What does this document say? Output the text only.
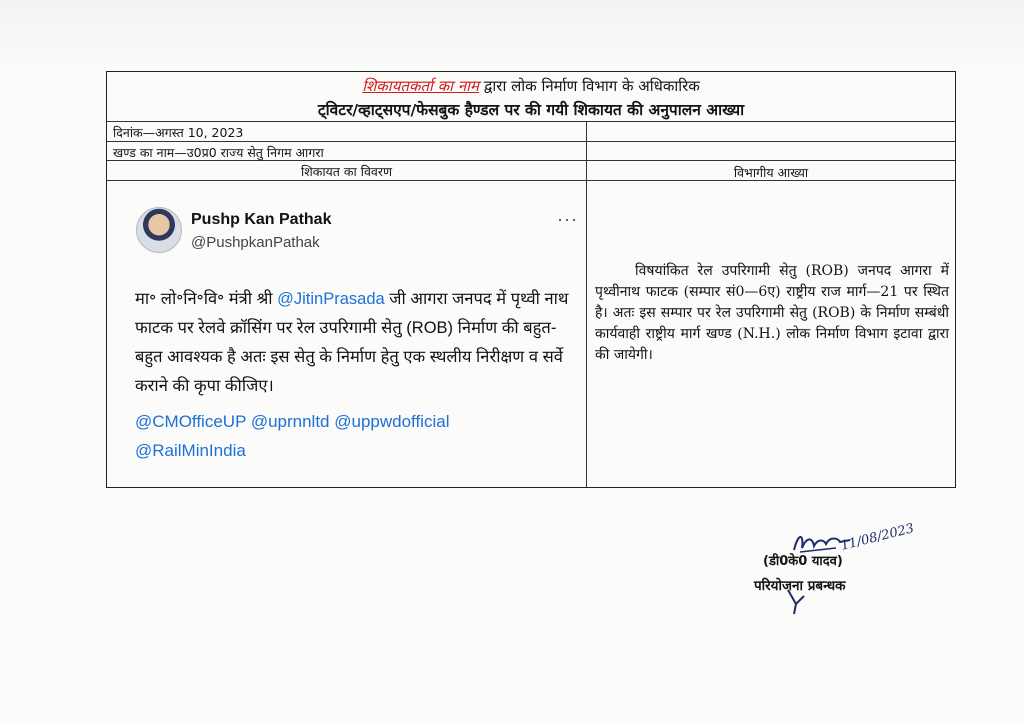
शिकायतकर्ता का नाम द्वारा लोक निर्माण विभाग के अधिकारिक
ट्विटर/व्हाट्सएप/फेसबुक हैण्डल पर की गयी शिकायत की अनुपालन आख्या
दिनांक—अगस्त 10, 2023
खण्ड का नाम—उ0प्र0 राज्य सेतु निगम आगरा
शिकायत का विवरण	विभागीय आख्या
Pushp Kan Pathak
@PushpkanPathak
···
मा॰ लो॰नि॰वि॰ मंत्री श्री @JitinPrasada जी आगरा जनपद में पृथ्वी नाथ फाटक पर रेलवे क्रॉसिंग पर रेल उपरिगामी सेतु (ROB) निर्माण की बहुत-बहुत आवश्यक है अतः इस सेतु के निर्माण हेतु एक स्थलीय निरीक्षण व सर्वे कराने की कृपा कीजिए।
@CMOfficeUP @uprnnltd @uppwdofficial
@RailMinIndia
विषयांकित रेल उपरिगामी सेतु (ROB) जनपद आगरा में पृथ्वीनाथ फाटक (सम्पार सं0—6ए) राष्ट्रीय राज मार्ग—21 पर स्थित है। अतः इस सम्पार पर रेल उपरिगामी सेतु (ROB) के निर्माण सम्बंधी कार्यवाही राष्ट्रीय मार्ग खण्ड (N.H.) लोक निर्माण विभाग इटावा द्वारा की जायेगी।
11/08/2023
(डी0के0 यादव)
परियोजना प्रबन्धक
